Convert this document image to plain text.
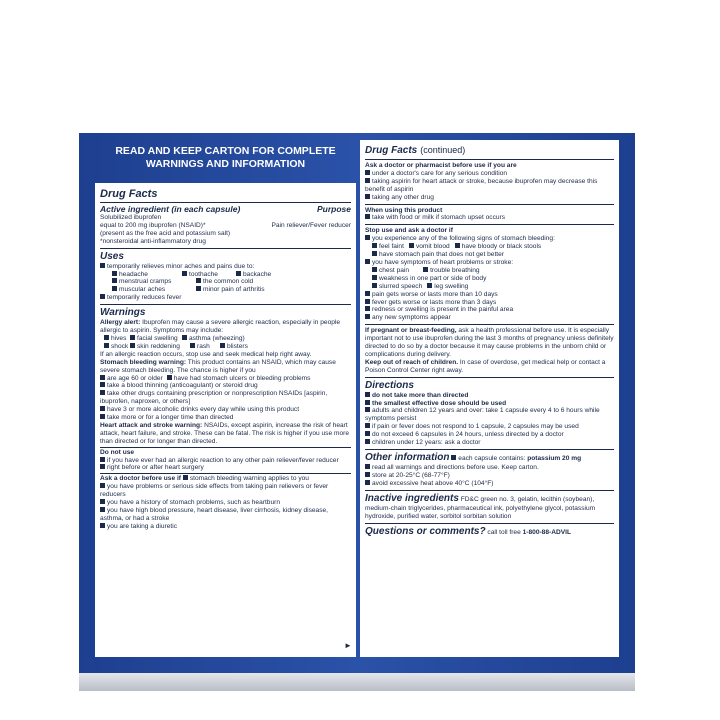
READ AND KEEP CARTON FOR COMPLETE
WARNINGS AND INFORMATION
Drug Facts
Active ingredient (in each capsule)	Purpose
Solubilized ibuprofen
equal to 200 mg ibuprofen (NSAID)*	Pain reliever/Fever reducer
(present as the free acid and potassium salt)
*nonsteroidal anti-inflammatory drug
Uses
temporarily relieves minor aches and pains due to:
headache	toothache	backache
menstrual cramps	the common cold
muscular aches	minor pain of arthritis
temporarily reduces fever
Warnings
Allergy alert: Ibuprofen may cause a severe allergic reaction, especially in people allergic to aspirin. Symptoms may include:
hives	facial swelling	asthma (wheezing)
shock	skin reddening	rash	blisters
If an allergic reaction occurs, stop use and seek medical help right away.
Stomach bleeding warning: This product contains an NSAID, which may cause severe stomach bleeding. The chance is higher if you
are age 60 or older	have had stomach ulcers or bleeding problems
take a blood thinning (anticoagulant) or steroid drug
take other drugs containing prescription or nonprescription NSAIDs [aspirin, ibuprofen, naproxen, or others]
have 3 or more alcoholic drinks every day while using this product
take more or for a longer time than directed
Heart attack and stroke warning: NSAIDs, except aspirin, increase the risk of heart attack, heart failure, and stroke. These can be fatal. The risk is higher if you use more than directed or for longer than directed.
Do not use
if you have ever had an allergic reaction to any other pain reliever/fever reducer
right before or after heart surgery
Ask a doctor before use if stomach bleeding warning applies to you
you have problems or serious side effects from taking pain relievers or fever reducers
you have a history of stomach problems, such as heartburn
you have high blood pressure, heart disease, liver cirrhosis, kidney disease, asthma, or had a stroke
you are taking a diuretic
►
Drug Facts (continued)
Ask a doctor or pharmacist before use if you are
under a doctor's care for any serious condition
taking aspirin for heart attack or stroke, because ibuprofen may decrease this benefit of aspirin
taking any other drug
When using this product
take with food or milk if stomach upset occurs
Stop use and ask a doctor if
you experience any of the following signs of stomach bleeding:
feel faint	vomit blood	have bloody or black stools
have stomach pain that does not get better
you have symptoms of heart problems or stroke:
chest pain	trouble breathing
weakness in one part or side of body
slurred speech	leg swelling
pain gets worse or lasts more than 10 days
fever gets worse or lasts more than 3 days
redness or swelling is present in the painful area
any new symptoms appear
If pregnant or breast-feeding, ask a health professional before use. It is especially important not to use ibuprofen during the last 3 months of pregnancy unless definitely directed to do so by a doctor because it may cause problems in the unborn child or complications during delivery.
Keep out of reach of children. In case of overdose, get medical help or contact a Poison Control Center right away.
Directions
do not take more than directed
the smallest effective dose should be used
adults and children 12 years and over: take 1 capsule every 4 to 6 hours while symptoms persist
if pain or fever does not respond to 1 capsule, 2 capsules may be used
do not exceed 6 capsules in 24 hours, unless directed by a doctor
children under 12 years: ask a doctor
Other information each capsule contains: potassium 20 mg
read all warnings and directions before use. Keep carton.
store at 20-25°C (68-77°F)
avoid excessive heat above 40°C (104°F)
Inactive ingredients FD&C green no. 3, gelatin, lecithin (soybean), medium-chain triglycerides, pharmaceutical ink, polyethylene glycol, potassium hydroxide, purified water, sorbitol sorbitan solution
Questions or comments? call toll free 1-800-88-ADVIL
